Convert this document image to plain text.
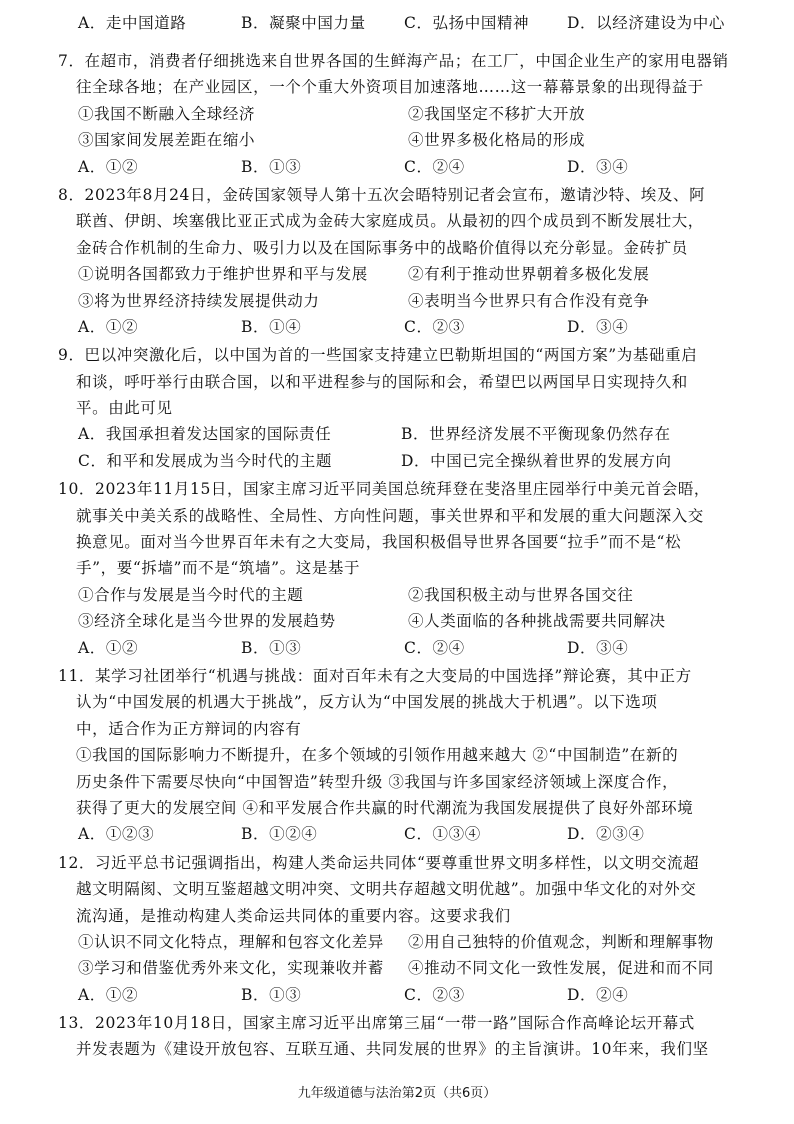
A．走中国道路	B．凝聚中国力量	C．弘扬中国精神	D．以经济建设为中心
7．在超市，消费者仔细挑选来自世界各国的生鲜海产品；在工厂，中国企业生产的家用电器销
往全球各地；在产业园区，一个个重大外资项目加速落地……这一幕幕景象的出现得益于
①我国不断融入全球经济	②我国坚定不移扩大开放
③国家间发展差距在缩小	④世界多极化格局的形成
A．①②	B．①③	C．②④	D．③④
8．2023年8月24日，金砖国家领导人第十五次会晤特别记者会宣布，邀请沙特、埃及、阿
联酋、伊朗、埃塞俄比亚正式成为金砖大家庭成员。从最初的四个成员到不断发展壮大，
金砖合作机制的生命力、吸引力以及在国际事务中的战略价值得以充分彰显。金砖扩员
①说明各国都致力于维护世界和平与发展	②有利于推动世界朝着多极化发展
③将为世界经济持续发展提供动力	④表明当今世界只有合作没有竞争
A．①②	B．①④	C．②③	D．③④
9．巴以冲突激化后，以中国为首的一些国家支持建立巴勒斯坦国的“两国方案”为基础重启
和谈，呼吁举行由联合国，以和平进程参与的国际和会，希望巴以两国早日实现持久和
平。由此可见
A．我国承担着发达国家的国际责任	B．世界经济发展不平衡现象仍然存在
C．和平和发展成为当今时代的主题	D．中国已完全操纵着世界的发展方向
10．2023年11月15日，国家主席习近平同美国总统拜登在斐洛里庄园举行中美元首会晤，
就事关中美关系的战略性、全局性、方向性问题，事关世界和平和发展的重大问题深入交
换意见。面对当今世界百年未有之大变局，我国积极倡导世界各国要“拉手”而不是“松
手”，要“拆墙”而不是“筑墙”。这是基于
①合作与发展是当今时代的主题	②我国积极主动与世界各国交往
③经济全球化是当今世界的发展趋势	④人类面临的各种挑战需要共同解决
A．①②	B．①③	C．②④	D．③④
11．某学习社团举行“机遇与挑战：面对百年未有之大变局的中国选择”辩论赛，其中正方
认为“中国发展的机遇大于挑战”，反方认为“中国发展的挑战大于机遇”。以下选项
中，适合作为正方辩词的内容有
①我国的国际影响力不断提升，在多个领域的引领作用越来越大 ②“中国制造”在新的
历史条件下需要尽快向“中国智造”转型升级 ③我国与许多国家经济领域上深度合作，
获得了更大的发展空间 ④和平发展合作共赢的时代潮流为我国发展提供了良好外部环境
A．①②③	B．①②④	C．①③④	D．②③④
12．习近平总书记强调指出，构建人类命运共同体“要尊重世界文明多样性，以文明交流超
越文明隔阂、文明互鉴超越文明冲突、文明共存超越文明优越”。加强中华文化的对外交
流沟通，是推动构建人类命运共同体的重要内容。这要求我们
①认识不同文化特点，理解和包容文化差异	②用自己独特的价值观念，判断和理解事物
③学习和借鉴优秀外来文化，实现兼收并蓄	④推动不同文化一致性发展，促进和而不同
A．①②	B．①③	C．②③	D．②④
13．2023年10月18日，国家主席习近平出席第三届“一带一路”国际合作高峰论坛开幕式
并发表题为《建设开放包容、互联互通、共同发展的世界》的主旨演讲。10年来，我们坚
九年级道德与法治第2页（共6页）
